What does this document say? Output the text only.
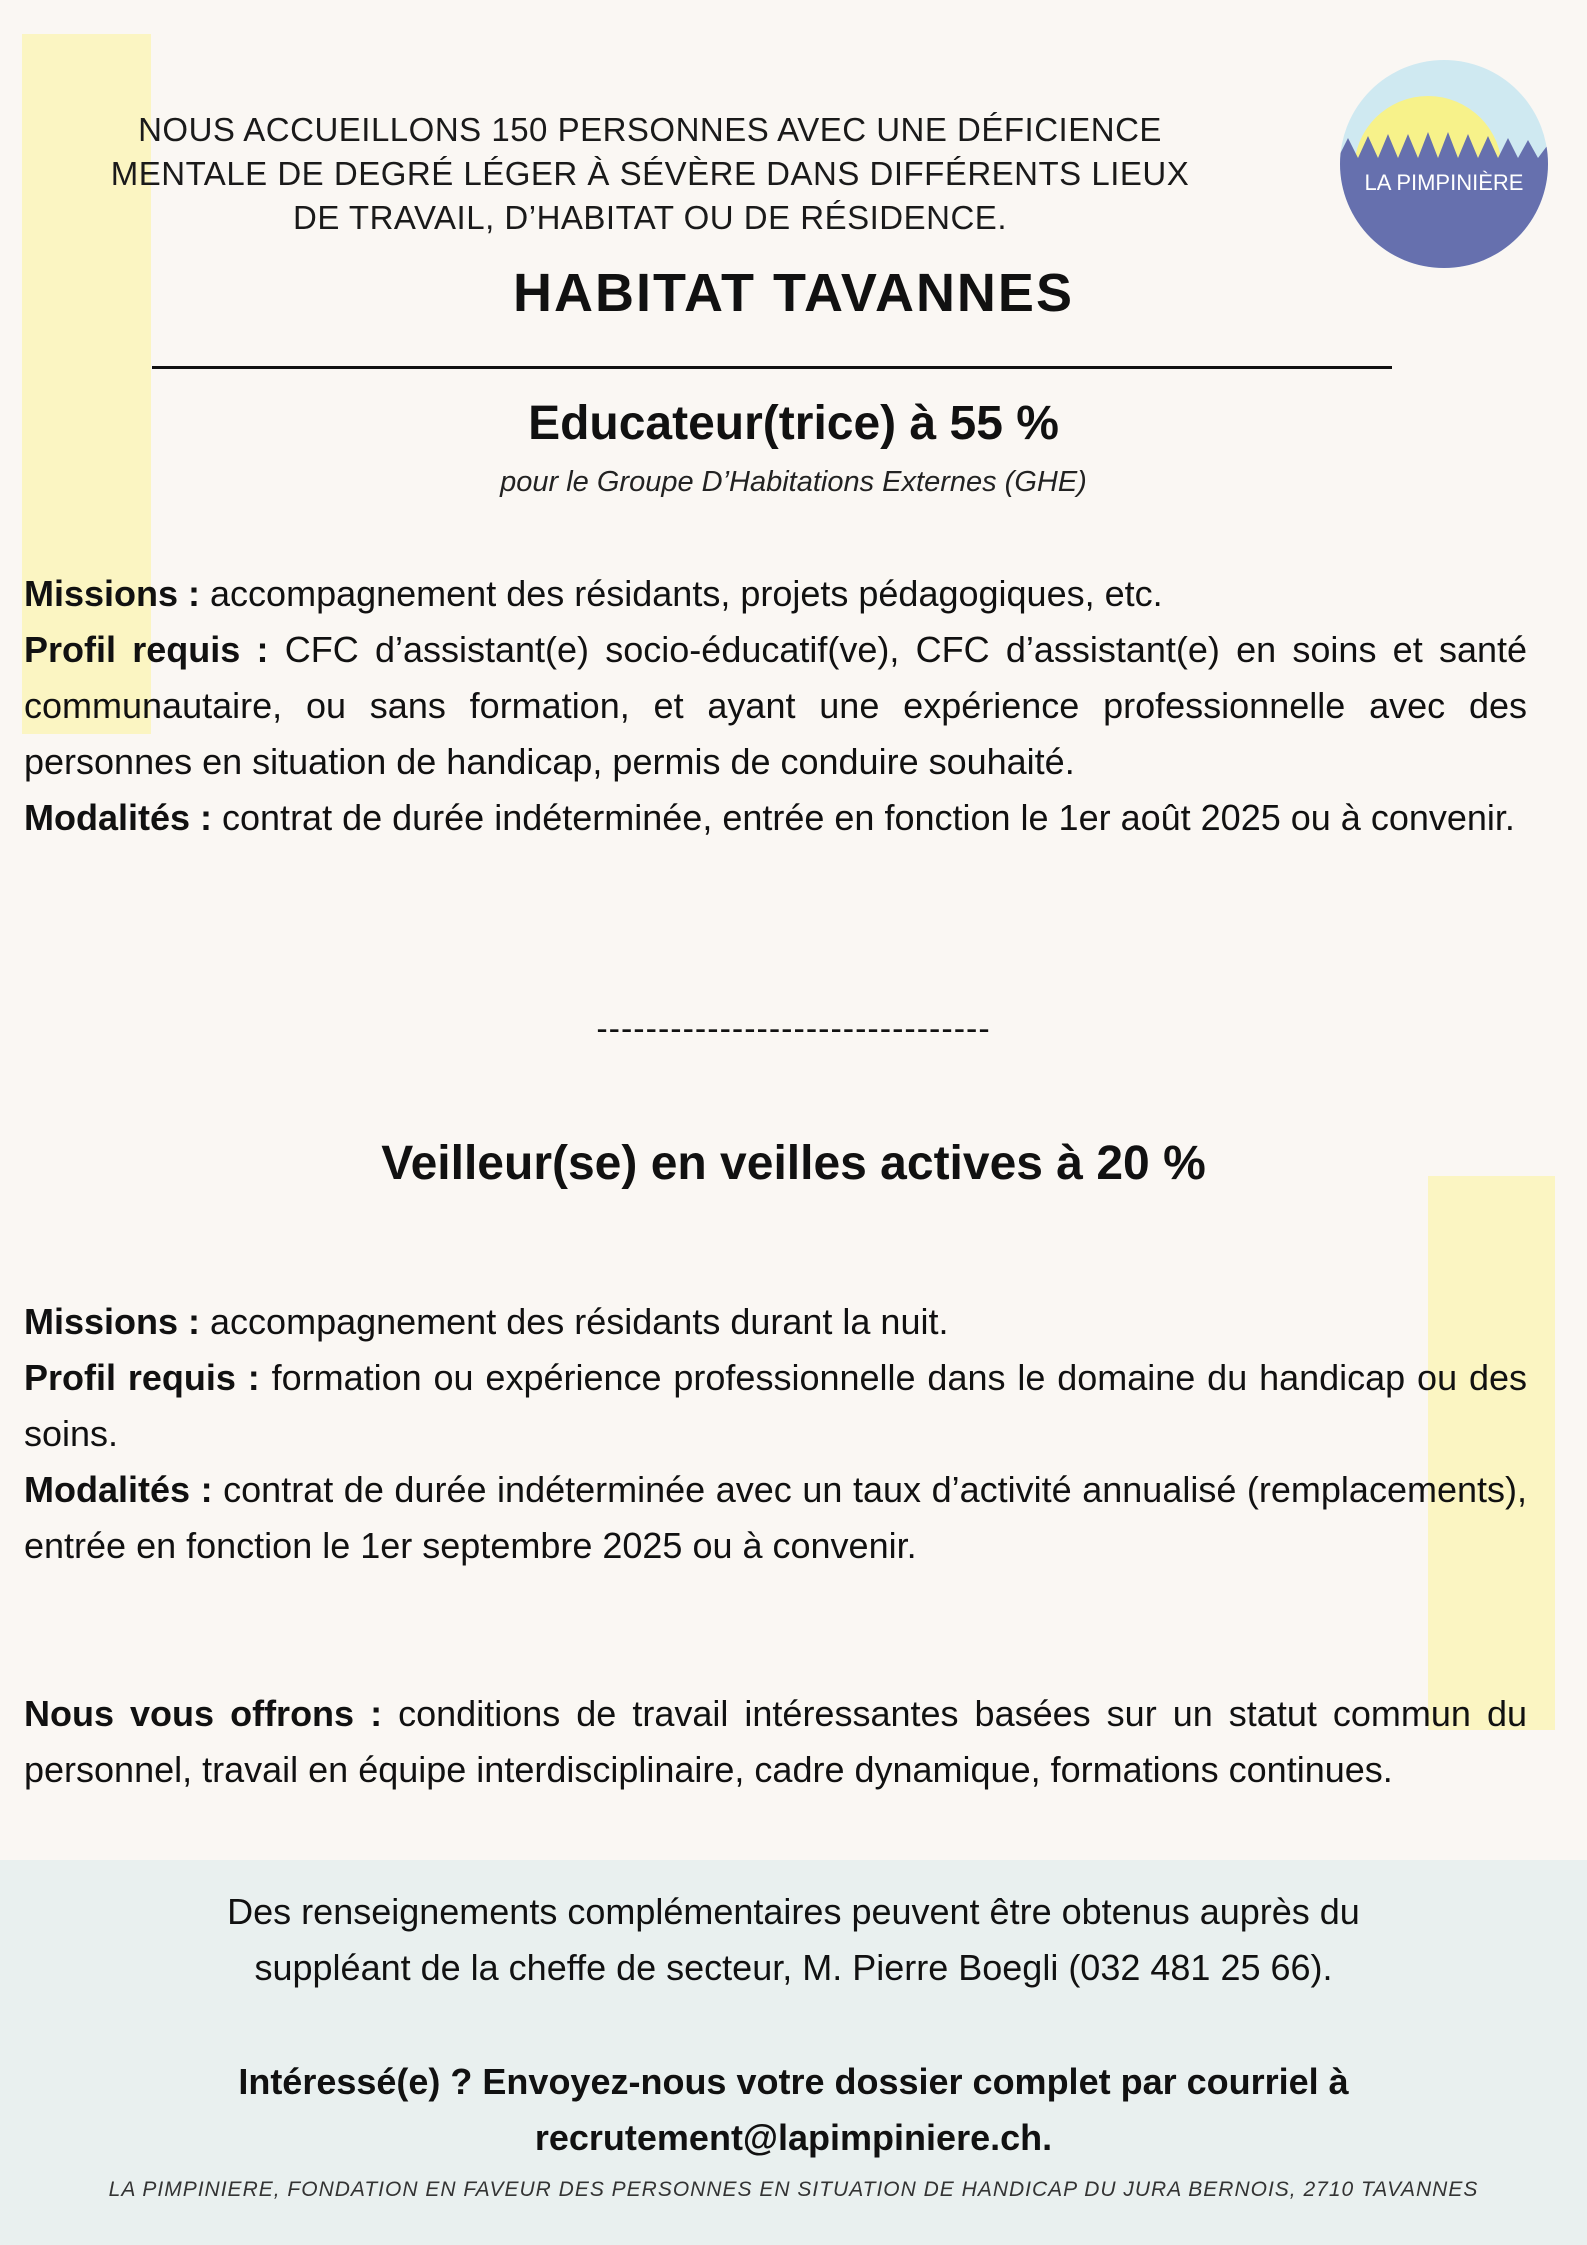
NOUS ACCUEILLONS 150 PERSONNES AVEC UNE DÉFICIENCE
MENTALE DE DEGRÉ LÉGER À SÉVÈRE DANS DIFFÉRENTS LIEUX
DE TRAVAIL, D’HABITAT OU DE RÉSIDENCE.
LA PIMPINIÈRE
HABITAT TAVANNES
Educateur(trice) à 55 %
pour le Groupe D’Habitations Externes (GHE)

Missions : accompagnement des résidants, projets pédagogiques, etc.

Profil requis : CFC d’assistant(e) socio-éducatif(ve), CFC d’assistant(e) en soins et santé communautaire, ou sans formation, et ayant une expérience professionnelle avec des personnes en situation de handicap, permis de conduire souhaité.

Modalités : contrat de durée indéterminée, entrée en fonction le 1er août 2025 ou à convenir.

--------------------------------
Veilleur(se) en veilles actives à 20 %

Missions : accompagnement des résidants durant la nuit.

Profil requis : formation ou expérience professionnelle dans le domaine du handicap ou des soins.

Modalités : contrat de durée indéterminée avec un taux d’activité annualisé (remplacements), entrée en fonction le 1er septembre 2025 ou à convenir.

Nous vous offrons : conditions de travail intéressantes basées sur un statut commun du personnel, travail en équipe interdisciplinaire, cadre dynamique, formations continues.

Des renseignements complémentaires peuvent être obtenus auprès du
suppléant de la cheffe de secteur, M. Pierre Boegli (032 481 25 66).
Intéressé(e) ? Envoyez-nous votre dossier complet par courriel à
recrutement@lapimpiniere.ch.
LA PIMPINIERE, FONDATION EN FAVEUR DES PERSONNES EN SITUATION DE HANDICAP DU JURA BERNOIS, 2710 TAVANNES
